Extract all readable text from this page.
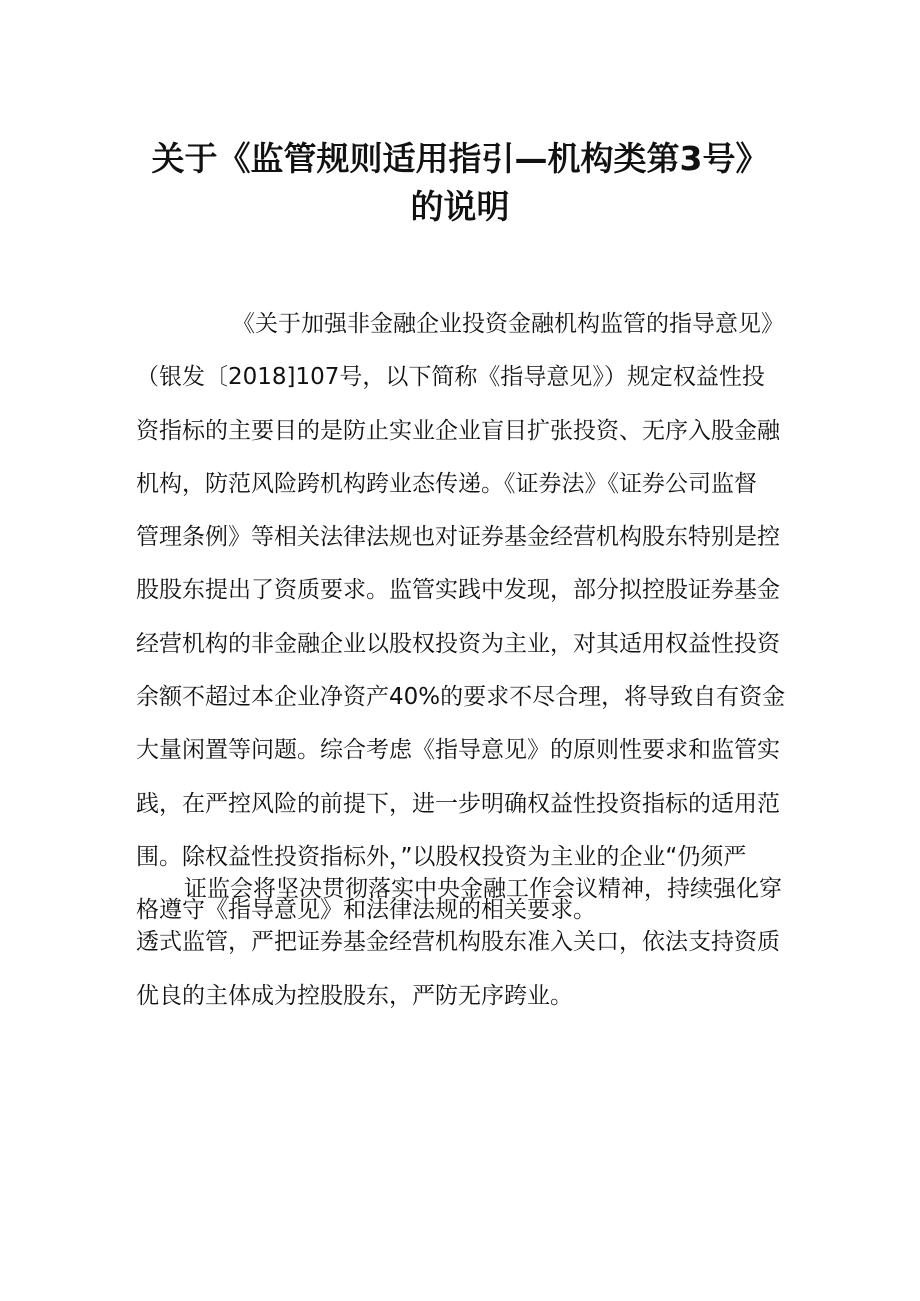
关于《监管规则适用指引—机构类第3号》
的说明
《关于加强非金融企业投资金融机构监管的指导意见》
（银发〔2018]107号，以下简称《指导意见》）规定权益性投
资指标的主要目的是防止实业企业盲目扩张投资、无序入股金融
机构，防范风险跨机构跨业态传递。《证券法》《证券公司监督
管理条例》等相关法律法规也对证券基金经营机构股东特别是控
股股东提出了资质要求。监管实践中发现，部分拟控股证券基金
经营机构的非金融企业以股权投资为主业，对其适用权益性投资
余额不超过本企业净资产40%的要求不尽合理，将导致自有资金
大量闲置等问题。综合考虑《指导意见》的原则性要求和监管实
践，在严控风险的前提下，进一步明确权益性投资指标的适用范
围。除权益性投资指标外，”以股权投资为主业的企业“仍须严
格遵守《指导意见》和法律法规的相关要求。
证监会将坚决贯彻落实中央金融工作会议精神，持续强化穿
透式监管，严把证券基金经营机构股东准入关口，依法支持资质
优良的主体成为控股股东，严防无序跨业。
